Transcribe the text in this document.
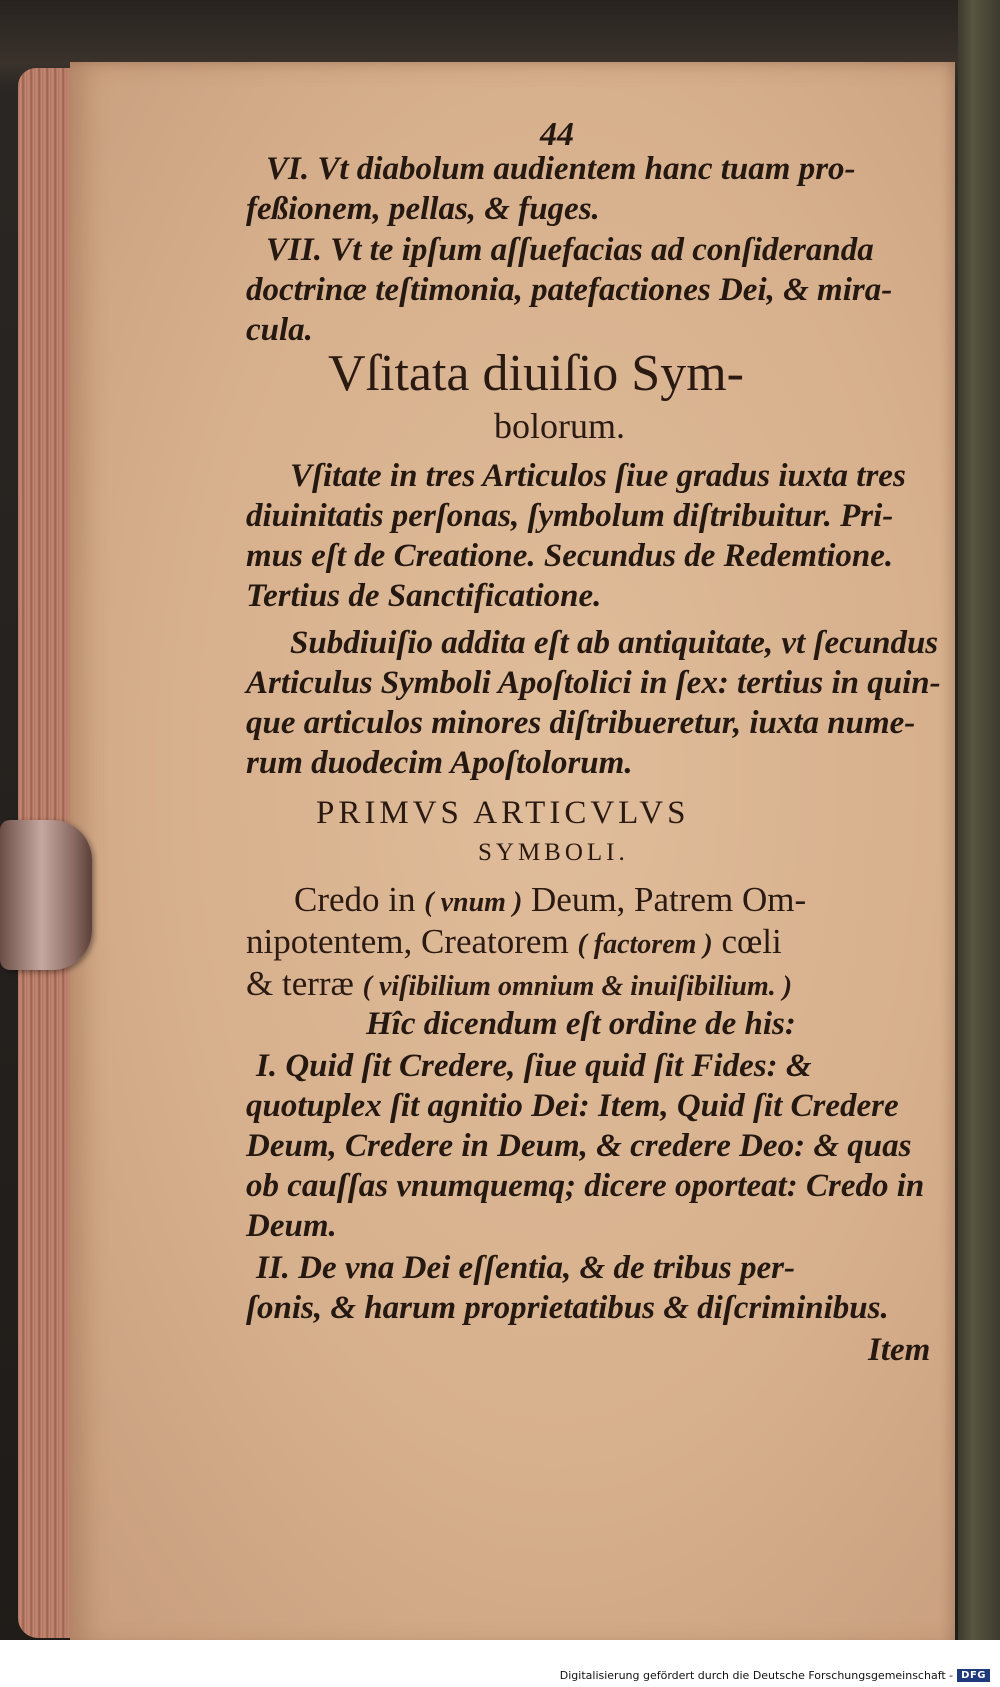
44
VI. Vt diabolum audientem hanc tuam pro-
feßionem, pellas, & fuges.
VII. Vt te ipſum aſſuefacias ad conſideranda
doctrinæ teſtimonia, patefactiones Dei, & mira-
cula.
Vſitata diuiſio Sym-
bolorum.
Vſitate in tres Articulos ſiue gradus iuxta tres
diuinitatis perſonas, ſymbolum diſtribuitur. Pri-
mus eſt de Creatione. Secundus de Redemtione.
Tertius de Sanctificatione.
Subdiuiſio addita eſt ab antiquitate, vt ſecundus
Articulus Symboli Apoſtolici in ſex: tertius in quin-
que articulos minores diſtribueretur, iuxta nume-
rum duodecim Apoſtolorum.
PRIMVS ARTICVLVS
SYMBOLI.
Credo in ( vnum ) Deum, Patrem Om-
nipotentem, Creatorem ( factorem ) cœli
& terræ ( viſibilium omnium & inuiſibilium. )
Hîc dicendum eſt ordine de his:
I. Quid ſit Credere, ſiue quid ſit Fides: &
quotuplex ſit agnitio Dei: Item, Quid ſit Credere
Deum, Credere in Deum, & credere Deo: & quas
ob cauſſas vnumquemq; dicere oporteat: Credo in
Deum.
II. De vna Dei eſſentia, & de tribus per-
ſonis, & harum proprietatibus & diſcriminibus.
Item
Digitalisierung gefördert durch die Deutsche Forschungsgemeinschaft - DFG
